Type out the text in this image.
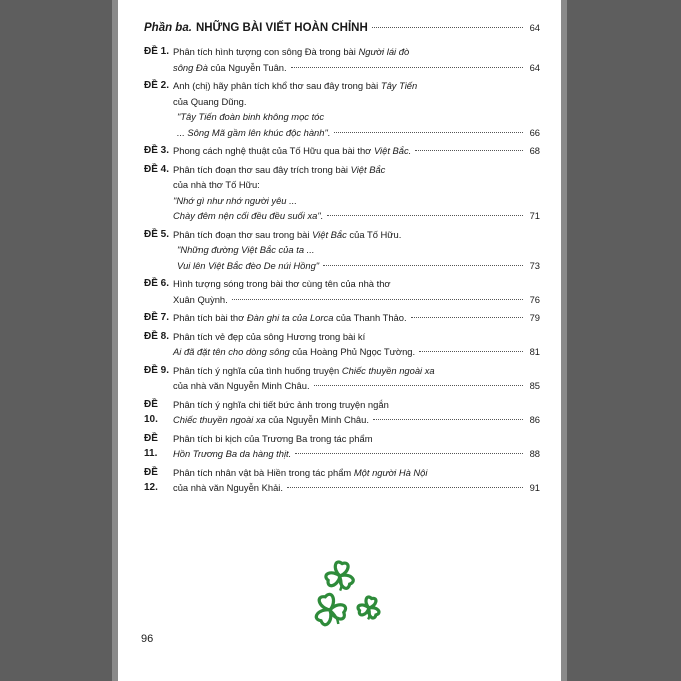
Phần ba. NHỮNG BÀI VIẾT HOÀN CHỈNH	64
ĐỀ 1. Phân tích hình tượng con sông Đà trong bài Người lái đò
sông Đà của Nguyễn Tuân.	64
ĐỀ 2. Anh (chị) hãy phân tích khổ thơ sau đây trong bài Tây Tiến
của Quang Dũng.
"Tây Tiến đoàn binh không mọc tóc
... Sông Mã gầm lên khúc độc hành".	66
ĐỀ 3. Phong cách nghệ thuật của Tố Hữu qua bài thơ Việt Bắc.	68
ĐỀ 4. Phân tích đoạn thơ sau đây trích trong bài Việt Bắc
của nhà thơ Tố Hữu:
"Nhớ gì như nhớ người yêu ...
Chày đêm nện cối đều đều suối xa".	71
ĐỀ 5. Phân tích đoạn thơ sau trong bài Việt Bắc của Tố Hữu.
"Những đường Việt Bắc của ta ...
Vui lên Việt Bắc đèo De núi Hồng"	73
ĐỀ 6. Hình tượng sóng trong bài thơ cùng tên của nhà thơ
Xuân Quỳnh.	76
ĐỀ 7. Phân tích bài thơ Đàn ghi ta của Lorca của Thanh Thảo.	79
ĐỀ 8. Phân tích vẻ đẹp của sông Hương trong bài kí
Ai đã đặt tên cho dòng sông của Hoàng Phủ Ngọc Tường.	81
ĐỀ 9. Phân tích ý nghĩa của tình huống truyện Chiếc thuyền ngoài xa
của nhà văn Nguyễn Minh Châu.	85
ĐỀ 10.
Phân tích ý nghĩa chi tiết bức ảnh trong truyện ngắn
Chiếc thuyền ngoài xa của Nguyễn Minh Châu.	86
ĐỀ 11.
Phân tích bi kịch của Trương Ba trong tác phẩm
Hồn Trương Ba da hàng thịt.	88
ĐỀ 12.
Phân tích nhân vật bà Hiền trong tác phẩm Một người Hà Nội
của nhà văn Nguyễn Khải.	91
96
